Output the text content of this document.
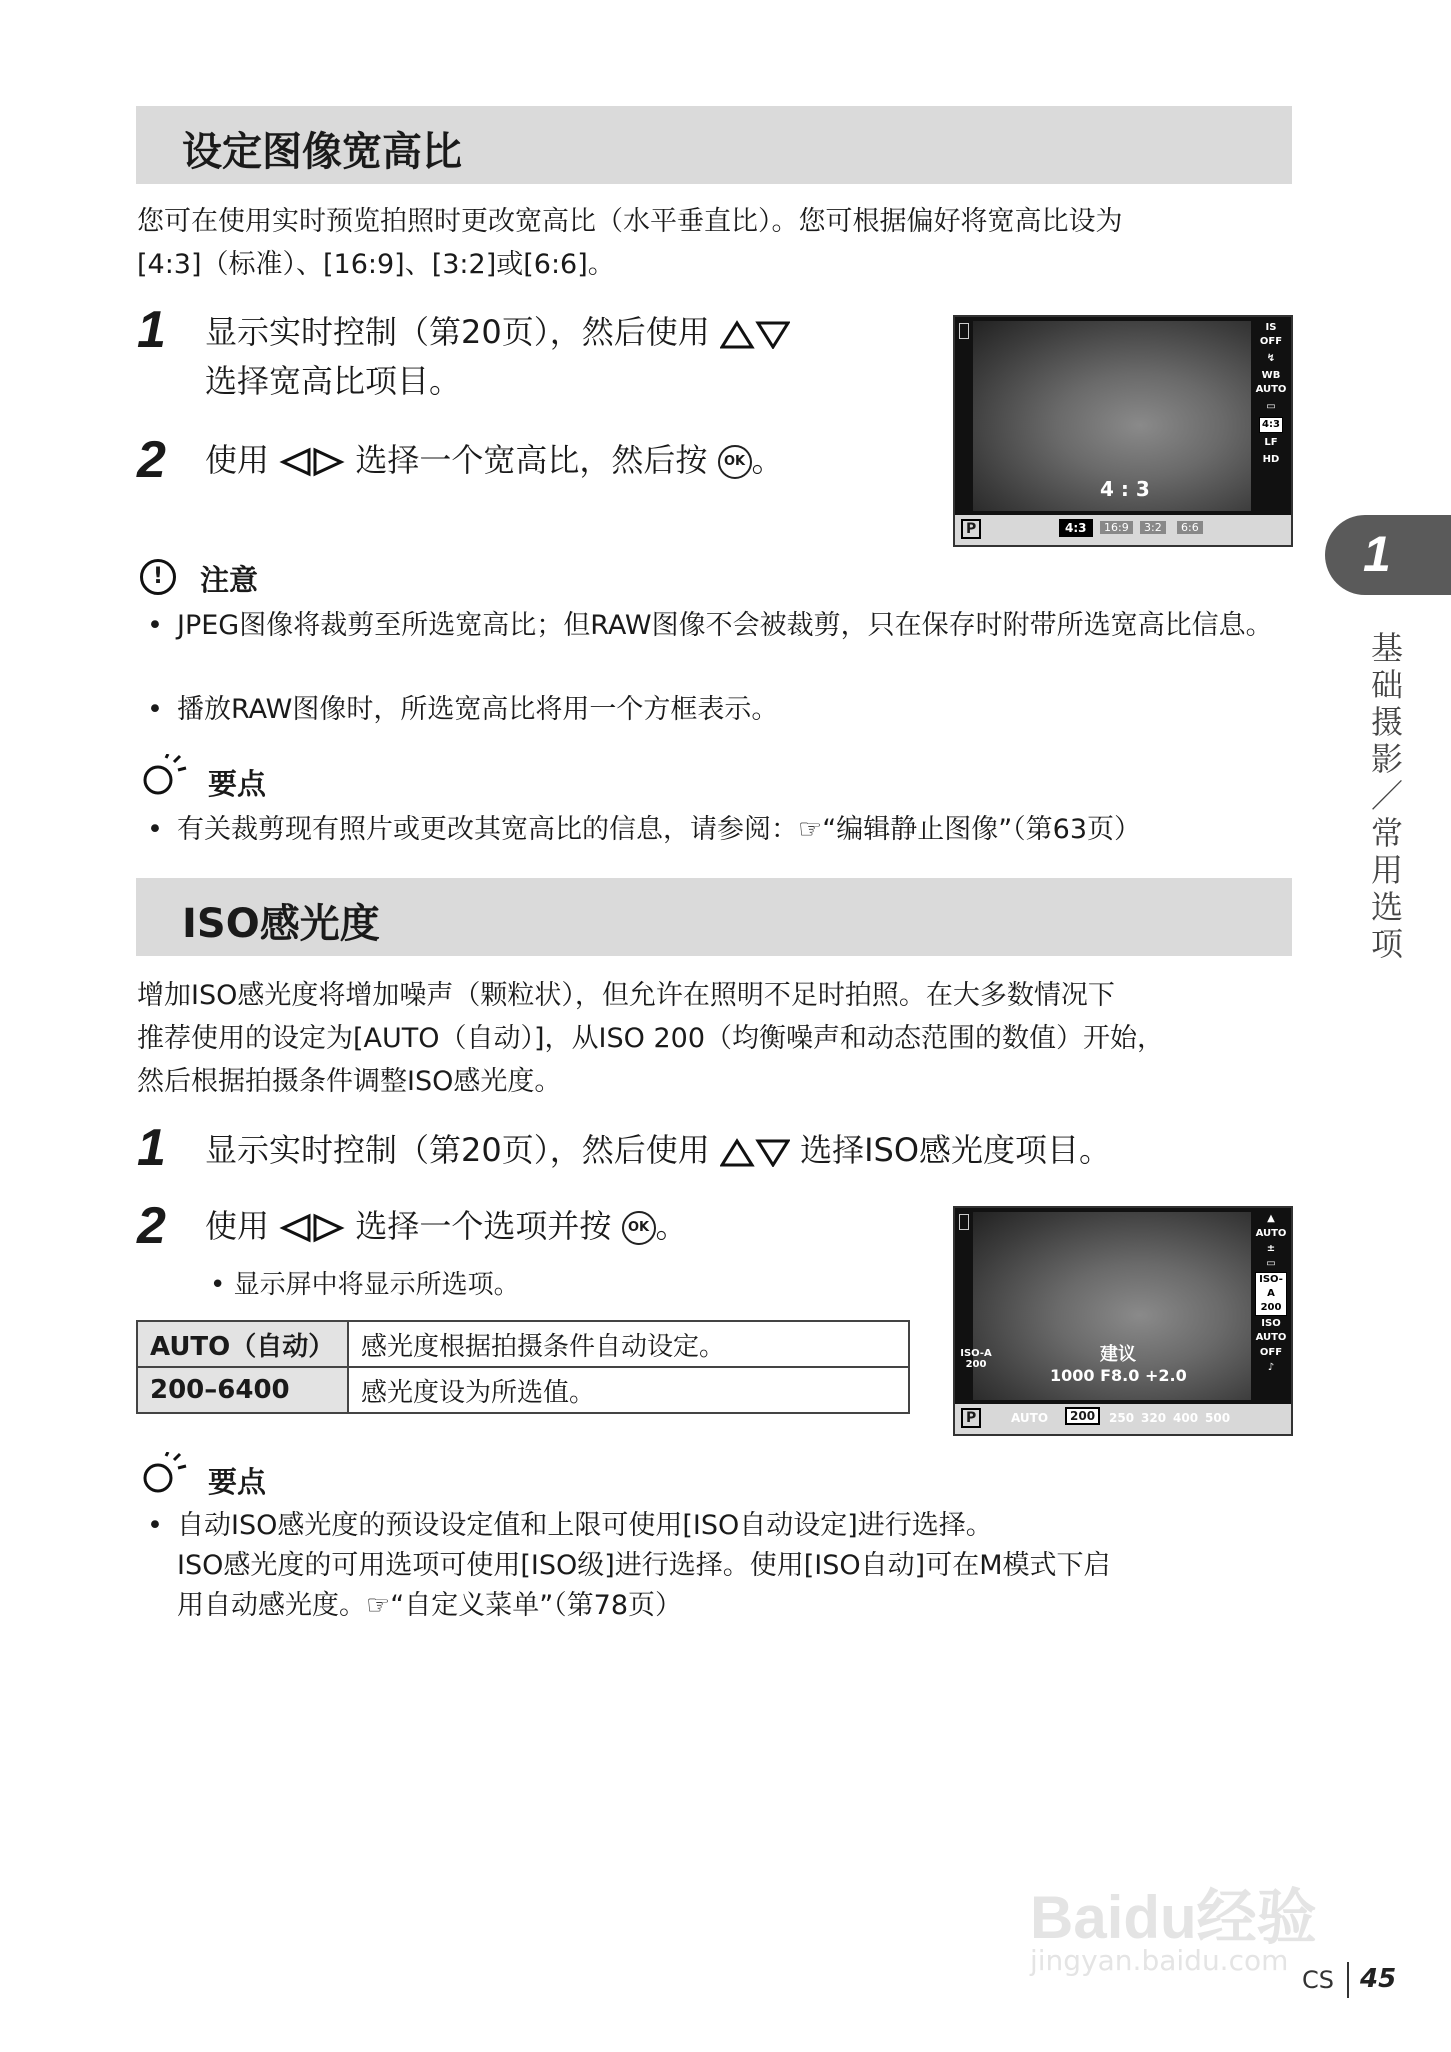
设定图像宽高比
您可在使用实时预览拍照时更改宽高比（水平垂直比）。您可根据偏好将宽高比设为
[4:3]（标准）、[16:9]、[3:2]或[6:6]。
1 显示实时控制（第20页），然后使用
选择宽高比项目。
2 使用	选择一个宽高比，然后按 OK 。
IS OFF
↯
WB AUTO
▭
4:3
LF
HD
4 : 3
P	4:3	16:9	3:2	6:6
!	注意
• JPEG图像将裁剪至所选宽高比；但RAW图像不会被裁剪，只在保存时附带所选宽高比信息。
• 播放RAW图像时，所选宽高比将用一个方框表示。
要点
• 有关裁剪现有照片或更改其宽高比的信息，请参阅：☞“编辑静止图像”（第63页）
ISO感光度
增加ISO感光度将增加噪声（颗粒状），但允许在照明不足时拍照。在大多数情况下
推荐使用的设定为[AUTO（自动）]，从ISO 200（均衡噪声和动态范围的数值）开始，
然后根据拍摄条件调整ISO感光度。
1 显示实时控制（第20页），然后使用	选择ISO感光度项目。
2 使用	选择一个选项并按 OK 。
• 显示屏中将显示所选项。
AUTO（自动）	感光度根据拍摄条件自动设定。
200–6400	感光度设为所选值。
▲
AUTO
±
▭
ISO-A 200
ISO AUTO
OFF
♪
ISO-A 200	建议
1000 F8.0 +2.0
P	AUTO	200	250 320 400 500
要点
• 自动ISO感光度的预设设定值和上限可使用[ISO自动设定]进行选择。
ISO感光度的可用选项可使用[ISO级]进行选择。使用[ISO自动]可在M模式下启
用自动感光度。☞“自定义菜单”（第78页）
1
基础摄影／常用选项
Baidu经验
jingyan.baidu.com
CS 45
